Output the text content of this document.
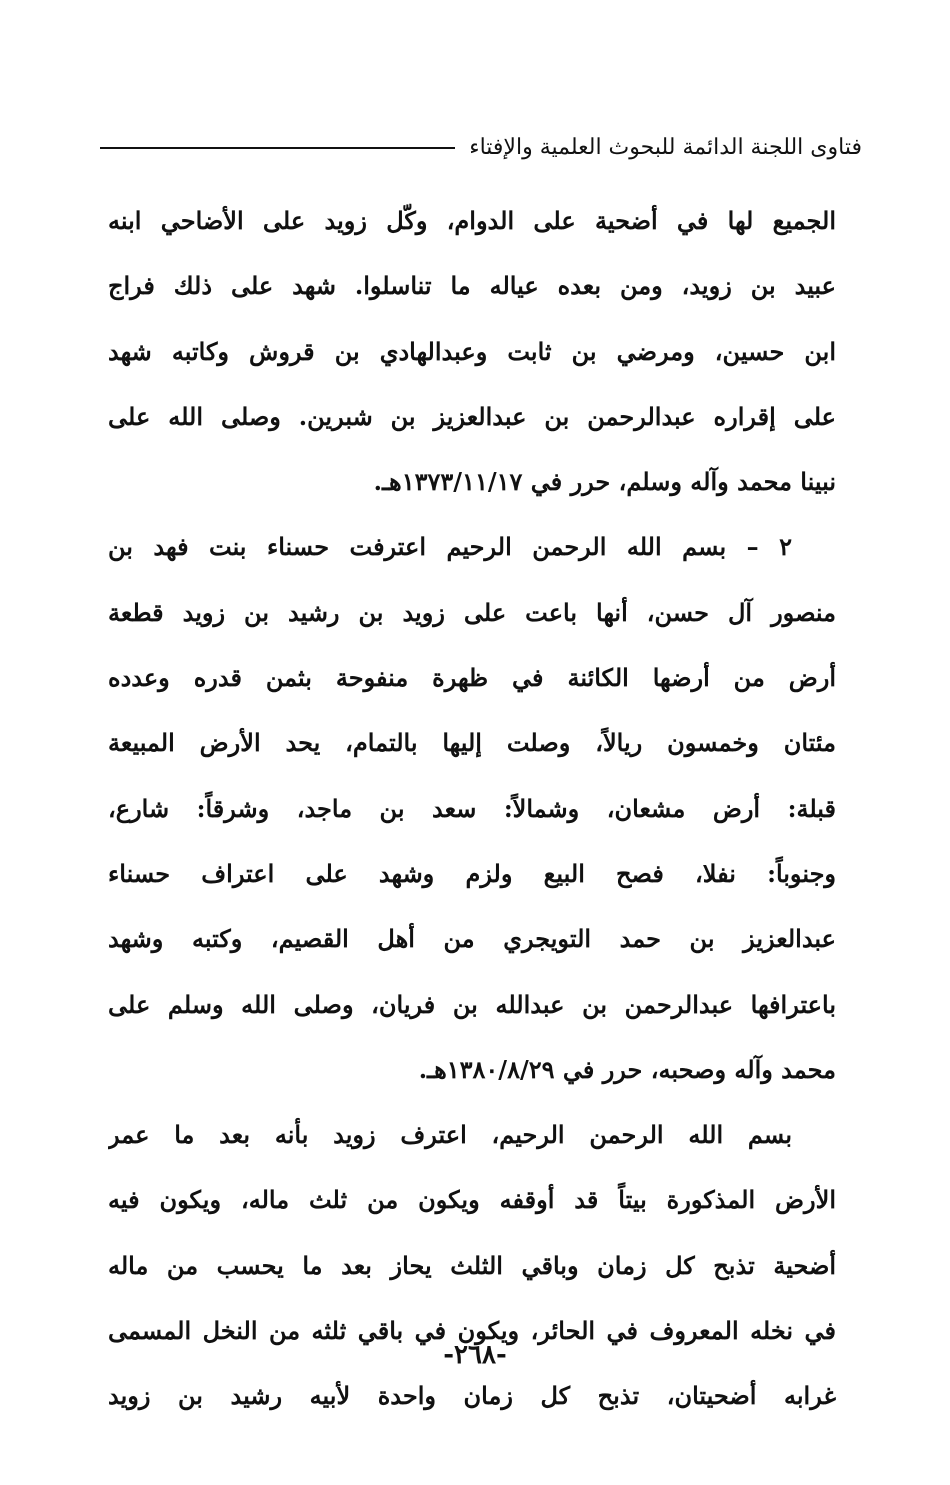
فتاوى اللجنة الدائمة للبحوث العلمية والإفتاء
الجميع لها في أضحية على الدوام، وكّل زويد على الأضاحي ابنه
عبيد بن زويد، ومن بعده عياله ما تناسلوا. شهد على ذلك فراج
ابن حسين، ومرضي بن ثابت وعبدالهادي بن قروش وكاتبه شهد
على إقراره عبدالرحمن بن عبدالعزيز بن شبرين. وصلى الله على
نبينا محمد وآله وسلم، حرر في ١٣٧٣/١١/١٧هـ.
٢ – بسم الله الرحمن الرحيم اعترفت حسناء بنت فهد بن
منصور آل حسن، أنها باعت على زويد بن رشيد بن زويد قطعة
أرض من أرضها الكائنة في ظهرة منفوحة بثمن قدره وعدده
مئتان وخمسون ريالاً، وصلت إليها بالتمام، يحد الأرض المبيعة
قبلة: أرض مشعان، وشمالاً: سعد بن ماجد، وشرقاً: شارع،
وجنوباً: نفلا، فصح البيع ولزم وشهد على اعتراف حسناء
عبدالعزيز بن حمد التويجري من أهل القصيم، وكتبه وشهد
باعترافها عبدالرحمن بن عبدالله بن فريان، وصلى الله وسلم على
محمد وآله وصحبه، حرر في ١٣٨٠/٨/٢٩هـ.
بسم الله الرحمن الرحيم، اعترف زويد بأنه بعد ما عمر
الأرض المذكورة بيتاً قد أوقفه ويكون من ثلث ماله، ويكون فيه
أضحية تذبح كل زمان وباقي الثلث يحاز بعد ما يحسب من ماله
في نخله المعروف في الحائر، ويكون في باقي ثلثه من النخل المسمى
غرابه أضحيتان، تذبح كل زمان واحدة لأبيه رشيد بن زويد
-٢٦٨-
